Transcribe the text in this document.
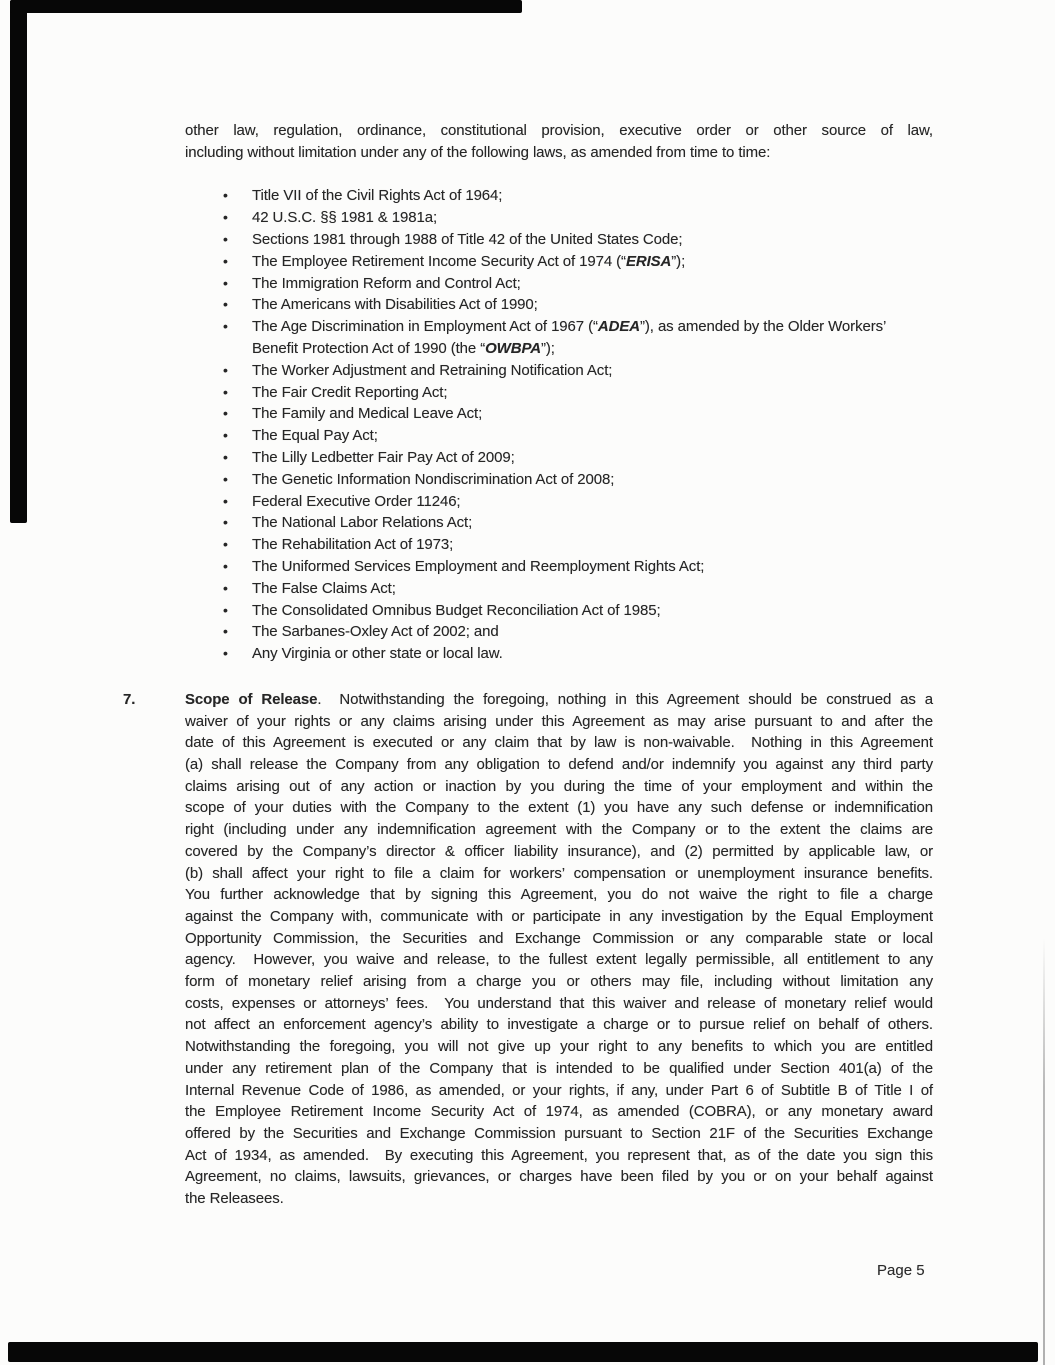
other law, regulation, ordinance, constitutional provision, executive order or other source of law,
including without limitation under any of the following laws, as amended from time to time:
•	Title VII of the Civil Rights Act of 1964;
•	42 U.S.C. §§ 1981 & 1981a;
•	Sections 1981 through 1988 of Title 42 of the United States Code;
•	The Employee Retirement Income Security Act of 1974 (“ERISA”);
•	The Immigration Reform and Control Act;
•	The Americans with Disabilities Act of 1990;
•	The Age Discrimination in Employment Act of 1967 (“ADEA”), as amended by the Older Workers’
Benefit Protection Act of 1990 (the “OWBPA”);
•	The Worker Adjustment and Retraining Notification Act;
•	The Fair Credit Reporting Act;
•	The Family and Medical Leave Act;
•	The Equal Pay Act;
•	The Lilly Ledbetter Fair Pay Act of 2009;
•	The Genetic Information Nondiscrimination Act of 2008;
•	Federal Executive Order 11246;
•	The National Labor Relations Act;
•	The Rehabilitation Act of 1973;
•	The Uniformed Services Employment and Reemployment Rights Act;
•	The False Claims Act;
•	The Consolidated Omnibus Budget Reconciliation Act of 1985;
•	The Sarbanes-Oxley Act of 2002; and
•	Any Virginia or other state or local law.
7.	Scope of Release.  Notwithstanding the foregoing, nothing in this Agreement should be construed as a
waiver of your rights or any claims arising under this Agreement as may arise pursuant to and after the
date of this Agreement is executed or any claim that by law is non-waivable.  Nothing in this Agreement
(a) shall release the Company from any obligation to defend and/or indemnify you against any third party
claims arising out of any action or inaction by you during the time of your employment and within the
scope of your duties with the Company to the extent (1) you have any such defense or indemnification
right (including under any indemnification agreement with the Company or to the extent the claims are
covered by the Company’s director & officer liability insurance), and (2) permitted by applicable law, or
(b) shall affect your right to file a claim for workers’ compensation or unemployment insurance benefits.
You further acknowledge that by signing this Agreement, you do not waive the right to file a charge
against the Company with, communicate with or participate in any investigation by the Equal Employment
Opportunity Commission, the Securities and Exchange Commission or any comparable state or local
agency.  However, you waive and release, to the fullest extent legally permissible, all entitlement to any
form of monetary relief arising from a charge you or others may file, including without limitation any
costs, expenses or attorneys’ fees.  You understand that this waiver and release of monetary relief would
not affect an enforcement agency’s ability to investigate a charge or to pursue relief on behalf of others.
Notwithstanding the foregoing, you will not give up your right to any benefits to which you are entitled
under any retirement plan of the Company that is intended to be qualified under Section 401(a) of the
Internal Revenue Code of 1986, as amended, or your rights, if any, under Part 6 of Subtitle B of Title I of
the Employee Retirement Income Security Act of 1974, as amended (COBRA), or any monetary award
offered by the Securities and Exchange Commission pursuant to Section 21F of the Securities Exchange
Act of 1934, as amended.  By executing this Agreement, you represent that, as of the date you sign this
Agreement, no claims, lawsuits, grievances, or charges have been filed by you or on your behalf against
the Releasees.
Page 5
